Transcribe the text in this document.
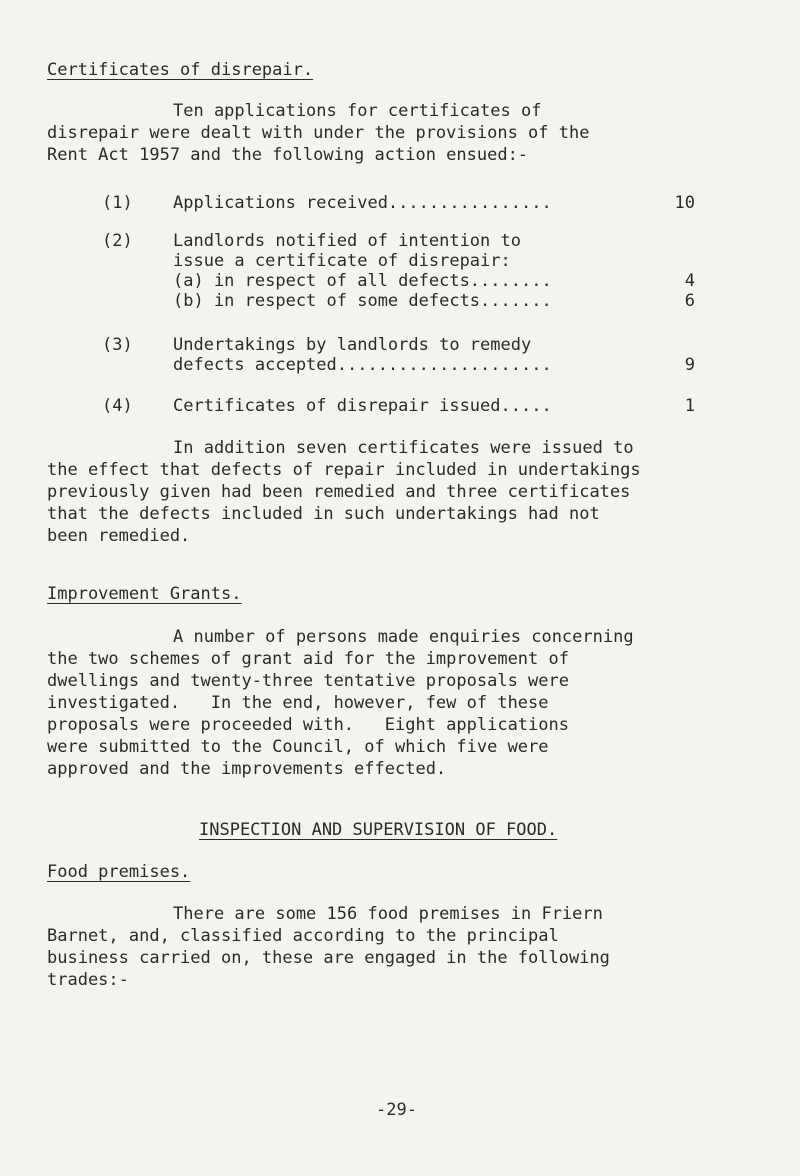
Certificates of disrepair.
Ten applications for certificates of
disrepair were dealt with under the provisions of the
Rent Act 1957 and the following action ensued:-
(1) Applications received................	10
(2) Landlords notified of intention to
issue a certificate of disrepair:
(a) in respect of all defects........	4
(b) in respect of some defects.......	6
(3) Undertakings by landlords to remedy
defects accepted.....................	9
(4) Certificates of disrepair issued.....	1
In addition seven certificates were issued to
the effect that defects of repair included in undertakings
previously given had been remedied and three certificates
that the defects included in such undertakings had not
been remedied.
Improvement Grants.
A number of persons made enquiries concerning
the two schemes of grant aid for the improvement of
dwellings and twenty-three tentative proposals were
investigated.   In the end, however, few of these
proposals were proceeded with.   Eight applications
were submitted to the Council, of which five were
approved and the improvements effected.
INSPECTION AND SUPERVISION OF FOOD.
Food premises.
There are some 156 food premises in Friern
Barnet, and, classified according to the principal
business carried on, these are engaged in the following
trades:-
-29-
